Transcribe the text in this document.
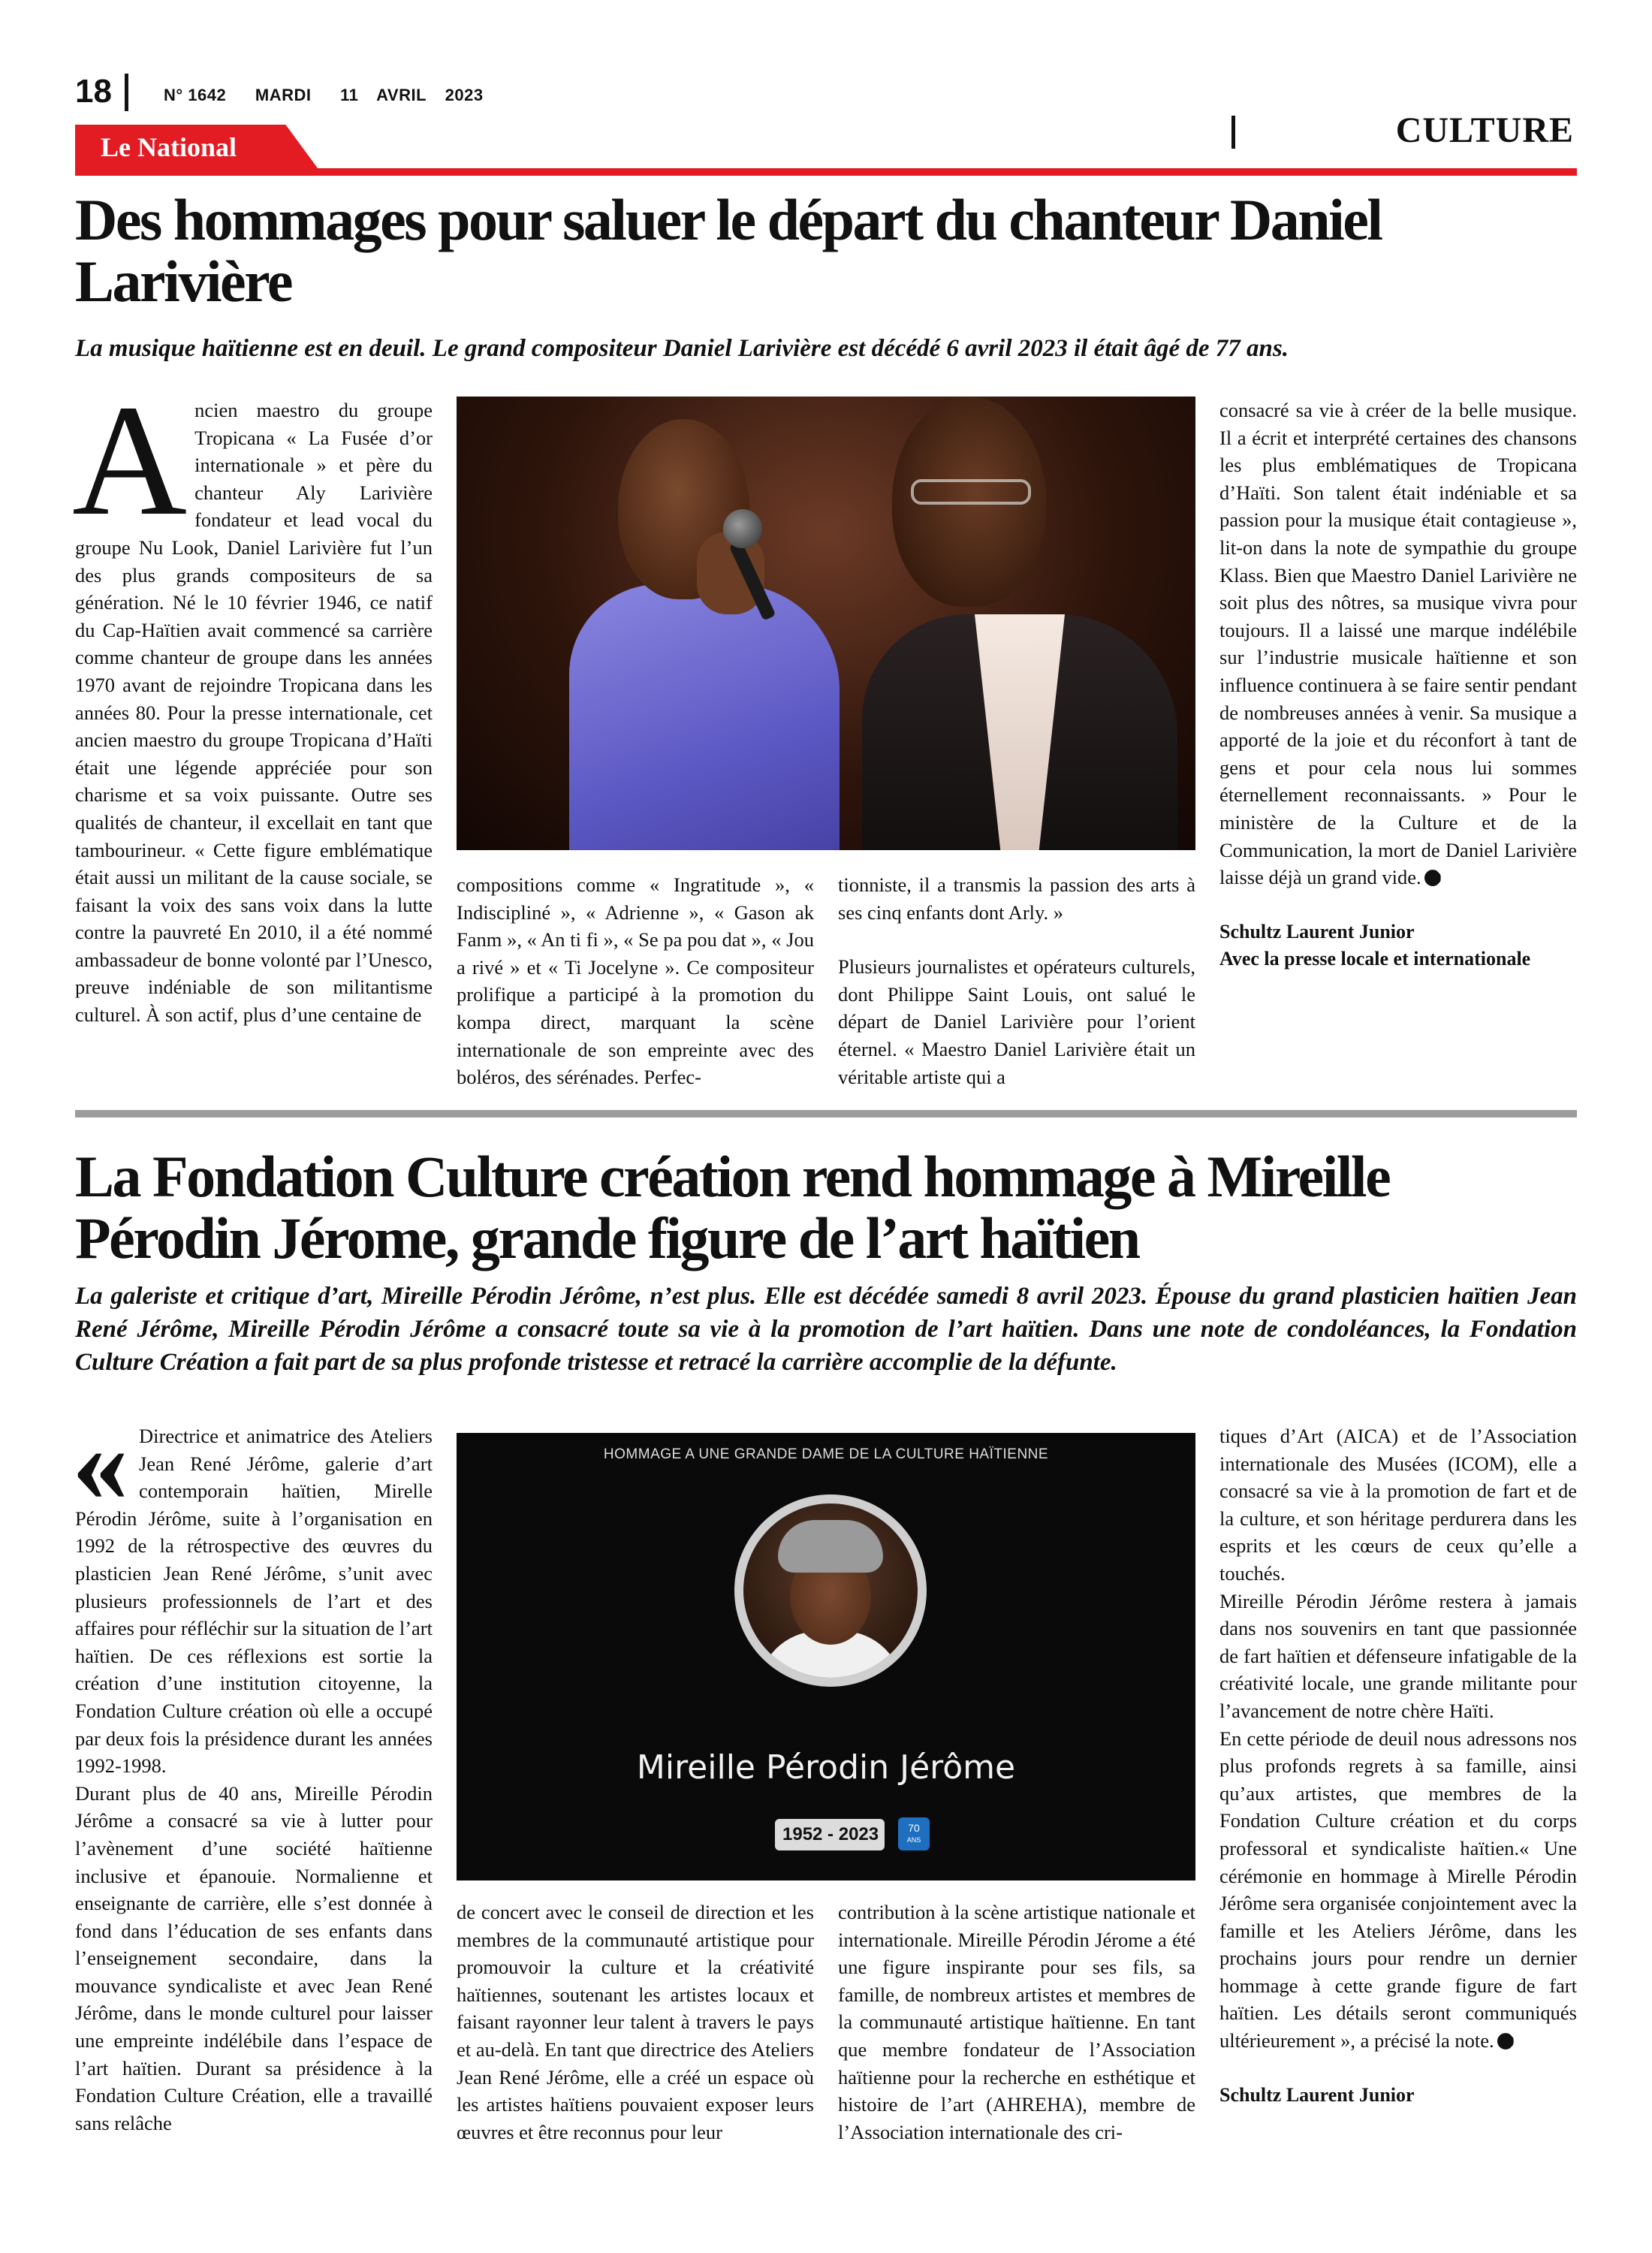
18	N° 1642 MARDI 11 AVRIL 2023
CULTURE
Le National
Des hommages pour saluer le départ du chanteur Daniel Larivière
La musique haïtienne est en deuil. Le grand compositeur Daniel Larivière est décédé 6 avril 2023 il était âgé de 77 ans.
Ancien maestro du groupe Tropicana « La Fusée d’or internationale » et père du chanteur Aly Larivière fondateur et lead vocal du groupe Nu Look, Daniel Larivière fut l’un des plus grands compositeurs de sa génération. Né le 10 février 1946, ce natif du Cap-Haïtien avait commencé sa carrière comme chanteur de groupe dans les années 1970 avant de rejoindre Tropicana dans les années 80. Pour la presse internationale, cet ancien maestro du groupe Tropicana d’Haïti était une légende appréciée pour son charisme et sa voix puissante. Outre ses qualités de chanteur, il excellait en tant que tambourineur. « Cette figure emblématique était aussi un militant de la cause sociale, se faisant la voix des sans voix dans la lutte contre la pauvreté En 2010, il a été nommé ambassadeur de bonne volonté par l’Unesco, preuve indéniable de son militantisme culturel. À son actif, plus d’une centaine de

compositions comme « Ingratitude », « Indiscipliné », « Adrienne », « Gason ak Fanm », « An ti fi », « Se pa pou dat », « Jou a rivé » et « Ti Jocelyne ». Ce compositeur prolifique a participé à la promotion du kompa direct, marquant la scène internationale de son empreinte avec des boléros, des sérénades. Perfec-

tionniste, il a transmis la passion des arts à ses cinq enfants dont Arly. »

Plusieurs journalistes et opérateurs culturels, dont Philippe Saint Louis, ont salué le départ de Daniel Larivière pour l’orient éternel. « Maestro Daniel Larivière était un véritable artiste qui a

consacré sa vie à créer de la belle musique. Il a écrit et interprété certaines des chansons les plus emblématiques de Tropicana d’Haïti. Son talent était indéniable et sa passion pour la musique était contagieuse », lit-on dans la note de sympathie du groupe Klass. Bien que Maestro Daniel Larivière ne soit plus des nôtres, sa musique vivra pour toujours. Il a laissé une marque indélébile sur l’industrie musicale haïtienne et son influence continuera à se faire sentir pendant de nombreuses années à venir. Sa musique a apporté de la joie et du réconfort à tant de gens et pour cela nous lui sommes éternellement reconnaissants. » Pour le ministère de la Culture et de la Communication, la mort de Daniel Larivière laisse déjà un grand vide.

Schultz Laurent Junior
Avec la presse locale et internationale
La Fondation Culture création rend hommage à Mireille Pérodin Jérome, grande figure de l’art haïtien
La galeriste et critique d’art, Mireille Pérodin Jérôme, n’est plus. Elle est décédée samedi 8 avril 2023. Épouse du grand plasticien haïtien Jean René Jérôme, Mireille Pérodin Jérôme a consacré toute sa vie à la promotion de l’art haïtien. Dans une note de condoléances, la Fondation Culture Création a fait part de sa plus profonde tristesse et retracé la carrière accomplie de la défunte.

« Directrice et animatrice des Ateliers Jean René Jérôme, galerie d’art contemporain haïtien, Mirelle Pérodin Jérôme, suite à l’organisation en 1992 de la rétrospective des œuvres du plasticien Jean René Jérôme, s’unit avec plusieurs professionnels de l’art et des affaires pour réfléchir sur la situation de l’art haïtien. De ces réflexions est sortie la création d’une institution citoyenne, la Fondation Culture création où elle a occupé par deux fois la présidence durant les années 1992-1998.

Durant plus de 40 ans, Mireille Pérodin Jérôme a consacré sa vie à lutter pour l’avènement d’une société haïtienne inclusive et épanouie. Normalienne et enseignante de carrière, elle s’est donnée à fond dans l’éducation de ses enfants dans l’enseignement secondaire, dans la mouvance syndicaliste et avec Jean René Jérôme, dans le monde culturel pour laisser une empreinte indélébile dans l’espace de l’art haïtien. Durant sa présidence à la Fondation Culture Création, elle a travaillé sans relâche

HOMMAGE A UNE GRANDE DAME DE LA CULTURE HAÏTIENNE
Mireille Pérodin Jérôme
1952 - 2023	70
ANS

de concert avec le conseil de direction et les membres de la communauté artistique pour promouvoir la culture et la créativité haïtiennes, soutenant les artistes locaux et faisant rayonner leur talent à travers le pays et au-delà. En tant que directrice des Ateliers Jean René Jérôme, elle a créé un espace où les artistes haïtiens pouvaient exposer leurs œuvres et être reconnus pour leur

contribution à la scène artistique nationale et internationale. Mireille Pérodin Jérome a été une figure inspirante pour ses fils, sa famille, de nombreux artistes et membres de la communauté artistique haïtienne. En tant que membre fondateur de l’Association haïtienne pour la recherche en esthétique et histoire de l’art (AHREHA), membre de l’Association internationale des cri-

tiques d’Art (AICA) et de l’Association internationale des Musées (ICOM), elle a consacré sa vie à la promotion de fart et de la culture, et son héritage perdurera dans les esprits et les cœurs de ceux qu’elle a touchés.

Mireille Pérodin Jérôme restera à jamais dans nos souvenirs en tant que passionnée de fart haïtien et défenseure infatigable de la créativité locale, une grande militante pour l’avancement de notre chère Haïti.

En cette période de deuil nous adressons nos plus profonds regrets à sa famille, ainsi qu’aux artistes, que membres de la Fondation Culture création et du corps professoral et syndicaliste haïtien.« Une cérémonie en hommage à Mirelle Pérodin Jérôme sera organisée conjointement avec la famille et les Ateliers Jérôme, dans les prochains jours pour rendre un dernier hommage à cette grande figure de fart haïtien. Les détails seront communiqués ultérieurement », a précisé la note.

Schultz Laurent Junior
